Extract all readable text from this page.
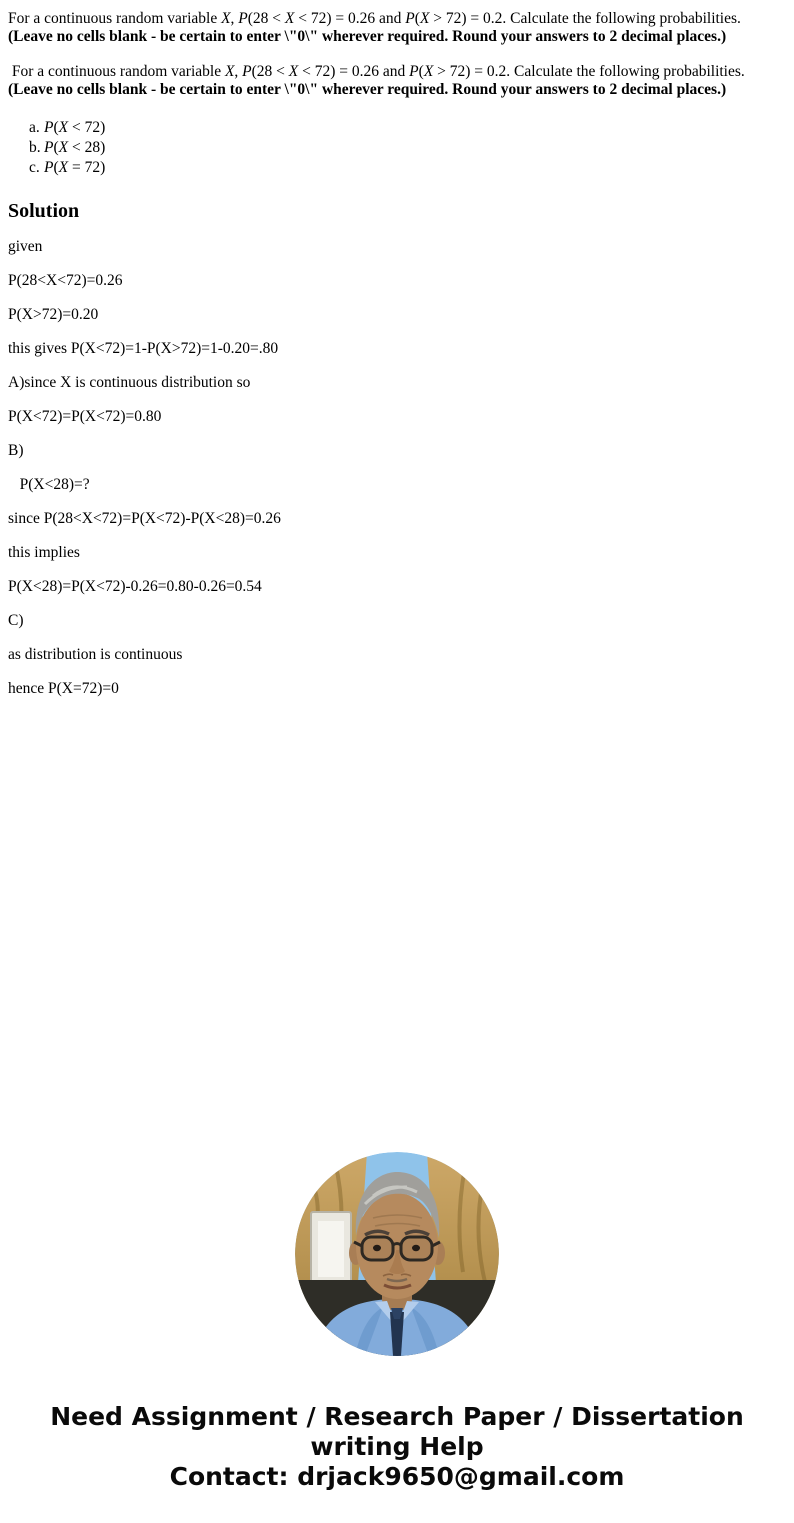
For a continuous random variable X, P(28 < X < 72) = 0.26 and P(X > 72) = 0.2. Calculate the following probabilities.
(Leave no cells blank - be certain to enter \"0\" wherever required. Round your answers to 2 decimal places.)

For a continuous random variable X, P(28 < X < 72) = 0.26 and P(X > 72) = 0.2. Calculate the following probabilities.
(Leave no cells blank - be certain to enter \"0\" wherever required. Round your answers to 2 decimal places.)

a. P(X < 72)
b. P(X < 28)
c. P(X = 72)
Solution

given

P(28<X<72)=0.26

P(X>72)=0.20

this gives P(X<72)=1-P(X>72)=1-0.20=.80

A)since X is continuous distribution so

P(X<72)=P(X<72)=0.80

B)

P(X<28)=?

since P(28<X<72)=P(X<72)-P(X<28)=0.26

this implies

P(X<28)=P(X<72)-0.26=0.80-0.26=0.54

C)

as distribution is continuous

hence P(X=72)=0

Need Assignment / Research Paper / Dissertation
writing Help
Contact: drjack9650@gmail.com
